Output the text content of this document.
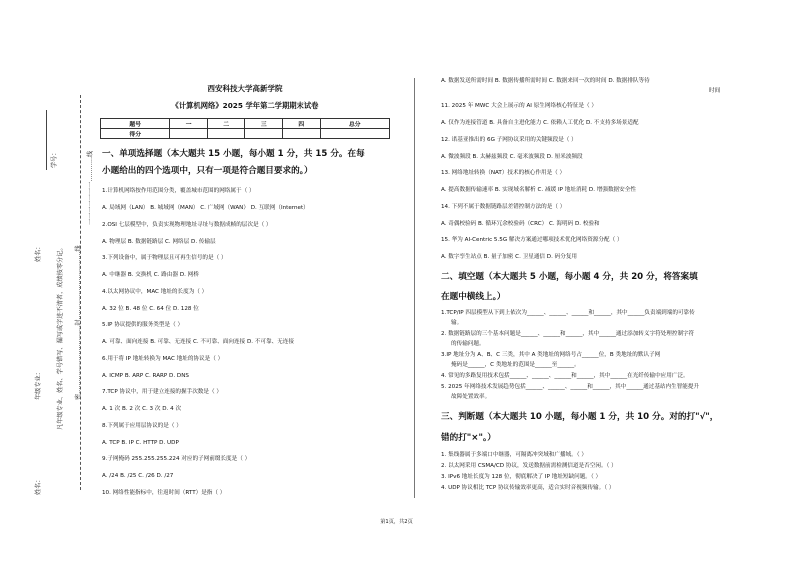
学号：
姓名：
年级专业： 凡年级专业、姓名、学号错写、漏写或字迹不清者，成绩按零分记。 密……………………………封……………………………线
一一一一一一一…………线
姓名：
西安科技大学高新学院
《计算机网络》2025 学年第二学期期末试卷
题号	一	二	三	四	总分
得分					
一、单项选择题（本大题共 15 小题，每小题 1 分，共 15 分。在每
小题给出的四个选项中，只有一项是符合题目要求的。）
1.计算机网络按作用范围分类，覆盖城市范围的网络属于（ ）
A. 局域网（LAN） B. 城域网（MAN） C. 广域网（WAN） D. 互联网（Internet）
2.OSI 七层模型中，负责实现物理地址寻址与数据成帧的层次是（ ）
A. 物理层 B. 数据链路层 C. 网络层 D. 传输层
3.下列设备中，属于物理层且可再生信号的是（ ）
A. 中继器 B. 交换机 C. 路由器 D. 网桥
4.以太网协议中，MAC 地址的长度为（ ）
A. 32 位 B. 48 位 C. 64 位 D. 128 位
5.IP 协议提供的服务类型是（ ）
A. 可靠、面向连接 B. 可靠、无连接 C. 不可靠、面向连接 D. 不可靠、无连接
6.用于将 IP 地址转换为 MAC 地址的协议是（ ）
A. ICMP B. ARP C. RARP D. DNS
7.TCP 协议中，用于建立连接的握手次数是（ ）
A. 1 次 B. 2 次 C. 3 次 D. 4 次
8.下列属于应用层协议的是（ ）
A. TCP B. IP C. HTTP D. UDP
9.子网掩码 255.255.255.224 对应的子网前缀长度是（ ）
A. /24 B. /25 C. /26 D. /27
10. 网络性能指标中，往返时间（RTT）是指（ ）
A. 数据发送所需时间 B. 数据传播所需时间 C. 数据来回一次的时间 D. 数据排队等待
时间
11. 2025 年 MWC 大会上展示的 AI 原生网络核心特征是（ ）
A. 仅作为连接管道 B. 具备自主进化能力 C. 依赖人工优化 D. 不支持多场景适配
12. 诺基亚推出的 6G 子网协议采用的关键频段是（ ）
A. 微波频段 B. 太赫兹频段 C. 毫米波频段 D. 厘米波频段
13. 网络地址转换（NAT）技术的核心作用是（ ）
A. 提高数据传输速率 B. 实现域名解析 C. 减缓 IP 地址消耗 D. 增强数据安全性
14. 下列不属于数据链路层差错控制方法的是（ ）
A. 奇偶校验码 B. 循环冗余校验码（CRC） C. 海明码 D. 校验和
15. 华为 AI-Centric 5.5G 解决方案通过哪项技术优化网络资源分配（ ）
A. 数字孪生站点 B. 量子加密 C. 卫星通信 D. 码分复用
二、填空题（本大题共 5 小题，每小题 4 分，共 20 分，将答案填
在题中横线上。）
1.TCP/IP 四层模型从下到上依次为______、______、______和______，其中______负责端到端的可靠传
输。
2. 数据链路层的三个基本问题是______、______和______，其中______通过添加转义字符处理控制字符
的传输问题。
3.IP 地址分为 A、B、C 三类，其中 A 类地址的网络号占______位，B 类地址的默认子网
掩码是______，C 类地址的范围是______至______。
4. 常见的多路复用技术包括______、______、______和______，其中______在光纤传输中应用广泛。
5. 2025 年网络技术发展趋势包括______、______、______和______，其中______通过基站内生智能提升
故障处置效率。
三、判断题（本大题共 10 小题，每小题 1 分，共 10 分。对的打"√"，
错的打"×"。）
1. 集线器属于多端口中继器，可隔离冲突域和广播域。（ ）
2. 以太网采用 CSMA/CD 协议，发送数据前需检测信道是否空闲。（ ）
3. IPv6 地址长度为 128 位，彻底解决了 IP 地址短缺问题。（ ）
4. UDP 协议相比 TCP 协议传输效率更高，适合实时音视频传输。（ ）
第1页，共2页
